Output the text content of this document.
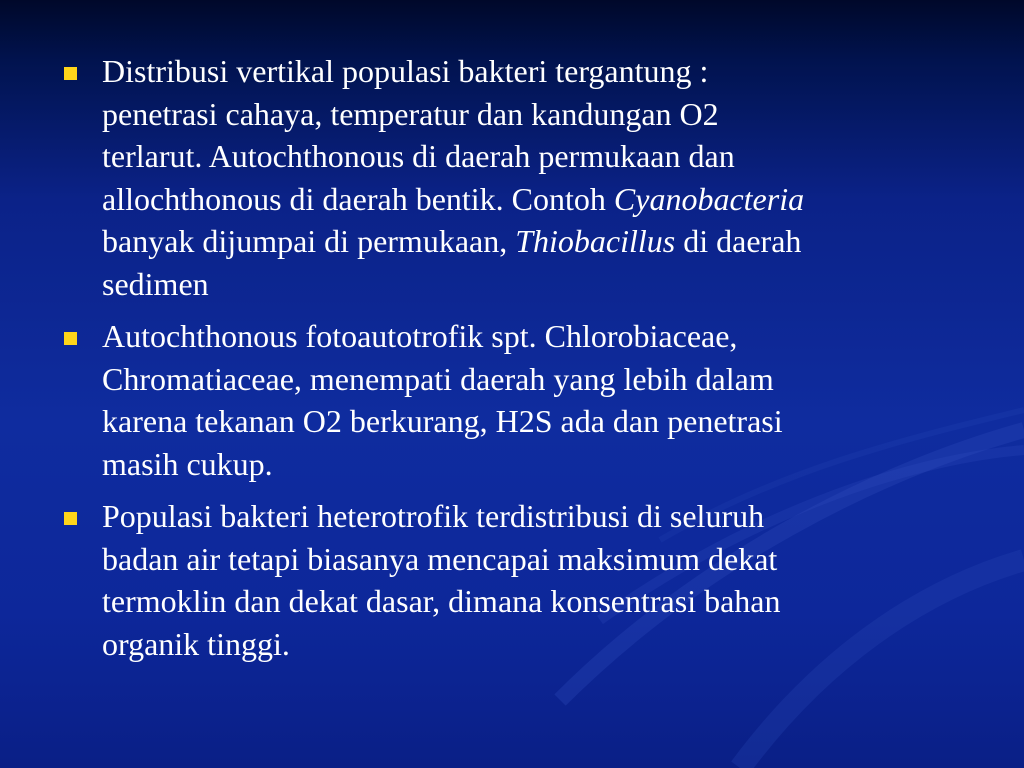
Distribusi vertikal populasi bakteri tergantung :
penetrasi cahaya, temperatur dan kandungan O2
terlarut. Autochthonous di daerah permukaan dan
allochthonous di daerah bentik. Contoh Cyanobacteria
banyak dijumpai di permukaan, Thiobacillus di daerah
sedimen
Autochthonous fotoautotrofik spt. Chlorobiaceae,
Chromatiaceae, menempati daerah yang lebih dalam
karena tekanan O2 berkurang, H2S ada dan penetrasi
masih cukup.
Populasi bakteri heterotrofik terdistribusi di seluruh
badan air tetapi biasanya mencapai maksimum dekat
termoklin dan dekat dasar, dimana konsentrasi bahan
organik tinggi.
